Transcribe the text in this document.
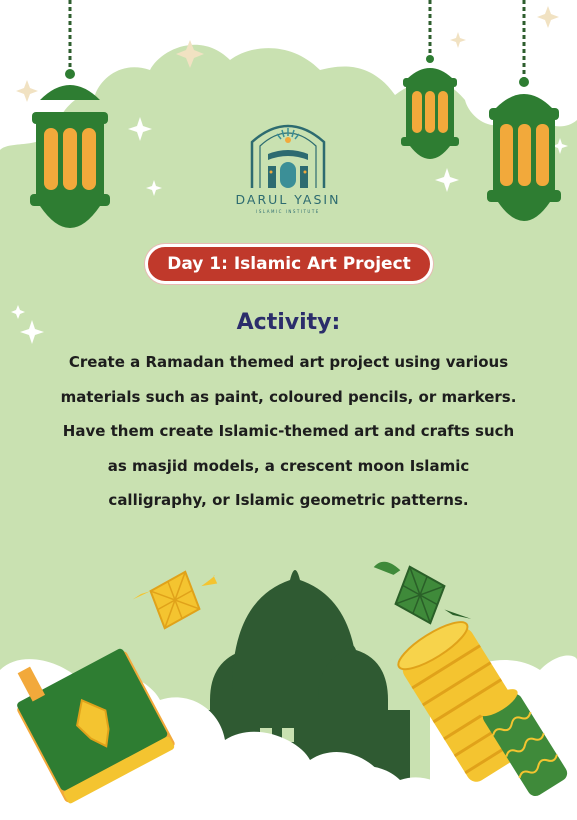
DARUL YASIN
ISLAMIC INSTITUTE
Day 1: Islamic Art Project
Activity:

Create a Ramadan themed art project using various materials such as paint, coloured pencils, or markers. Have them create Islamic-themed art and crafts such as masjid models, a crescent moon Islamic calligraphy, or Islamic geometric patterns.
